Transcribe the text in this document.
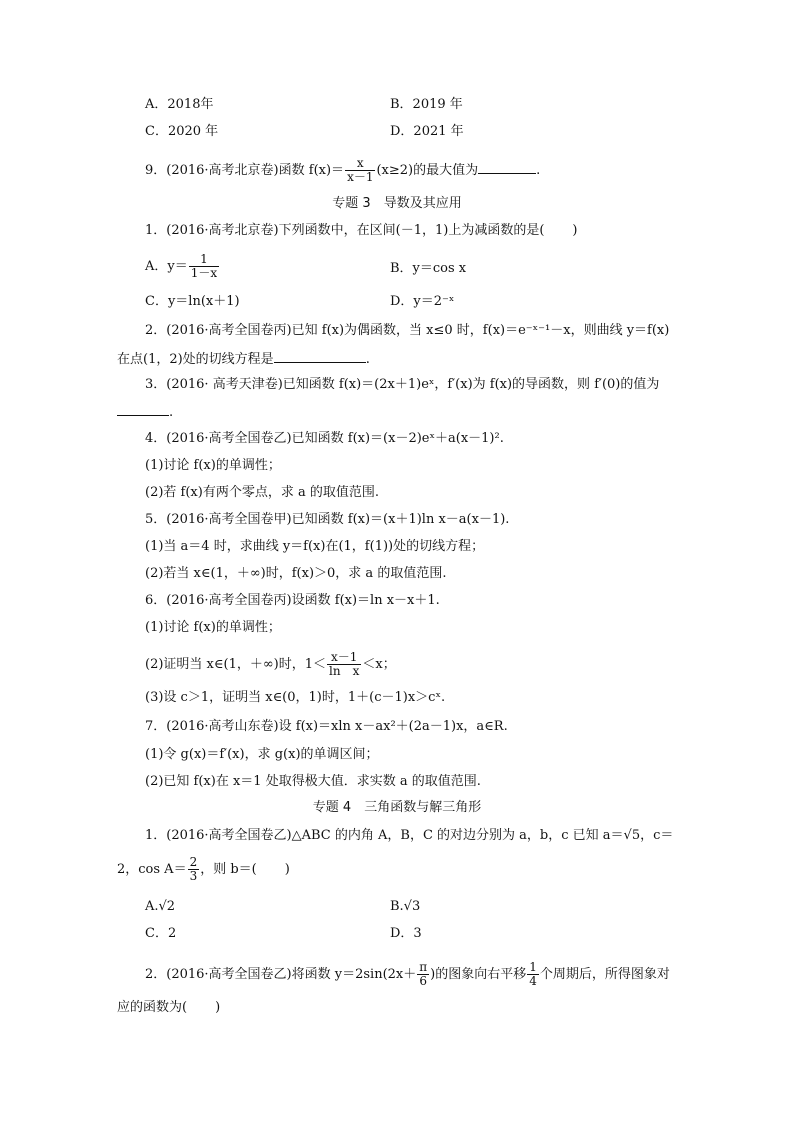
A．2018年	B．2019 年
C．2020 年	D．2021 年
9．(2016·高考北京卷)函数 $f(x)= \frac{x}{x-1} (x\ge 2)$的最大值为	.
专题 3　导数及其应用
1．(2016·高考北京卷)下列函数中，在区间(－1，1)上为减函数的是( )
A．$y= \frac{1}{1-x}$	B．y＝cos x
C．y＝ln(x＋1)	D．y＝2⁻ˣ
2．(2016·高考全国卷丙)已知 f(x)为偶函数，当 x≤0 时，f(x)＝e⁻ˣ⁻¹－x，则曲线 y＝f(x)
在点(1，2)处的切线方程是	.
3．(2016· 高考天津卷)已知函数 f(x)＝(2x＋1)eˣ，f′(x)为 f(x)的导函数，则 f′(0)的值为
.
4．(2016·高考全国卷乙)已知函数 f(x)＝(x－2)eˣ＋a(x－1)².
(1)讨论 f(x)的单调性；
(2)若 f(x)有两个零点，求 a 的取值范围.
5．(2016·高考全国卷甲)已知函数 f(x)＝(x＋1)ln x－a(x－1).
(1)当 a＝4 时，求曲线 y＝f(x)在(1，f(1))处的切线方程；
(2)若当 x∈(1，＋∞)时，f(x)＞0，求 a 的取值范围.
6．(2016·高考全国卷丙)设函数 f(x)＝ln x－x＋1.
(1)讨论 f(x)的单调性；
(2)证明当 x∈(1，＋∞)时，$1< \frac{x-1}{\text{ln　x}} <x$；
(3)设 c＞1，证明当 x∈(0，1)时，1＋(c－1)x＞cˣ.
7．(2016·高考山东卷)设 f(x)＝xln x－ax²＋(2a－1)x，a∈R.
(1)令 g(x)＝f′(x)，求 g(x)的单调区间；
(2)已知 f(x)在 x＝1 处取得极大值．求实数 a 的取值范围.
专题 4　三角函数与解三角形
1．(2016·高考全国卷乙)△ABC 的内角 A，B，C 的对边分别为 a，b，c 已知 a＝√5，c＝
2，$\cos A= \frac{2}{3}$ ，则 b＝( )
A.√2	B.√3
C．2	D．3
2．(2016·高考全国卷乙)将函数 $y=2\sin(2x+ \frac{\pi}{6}$ )的图象向右平移 $\frac{1}{4}$ 个周期后，所得图象对
应的函数为( )
